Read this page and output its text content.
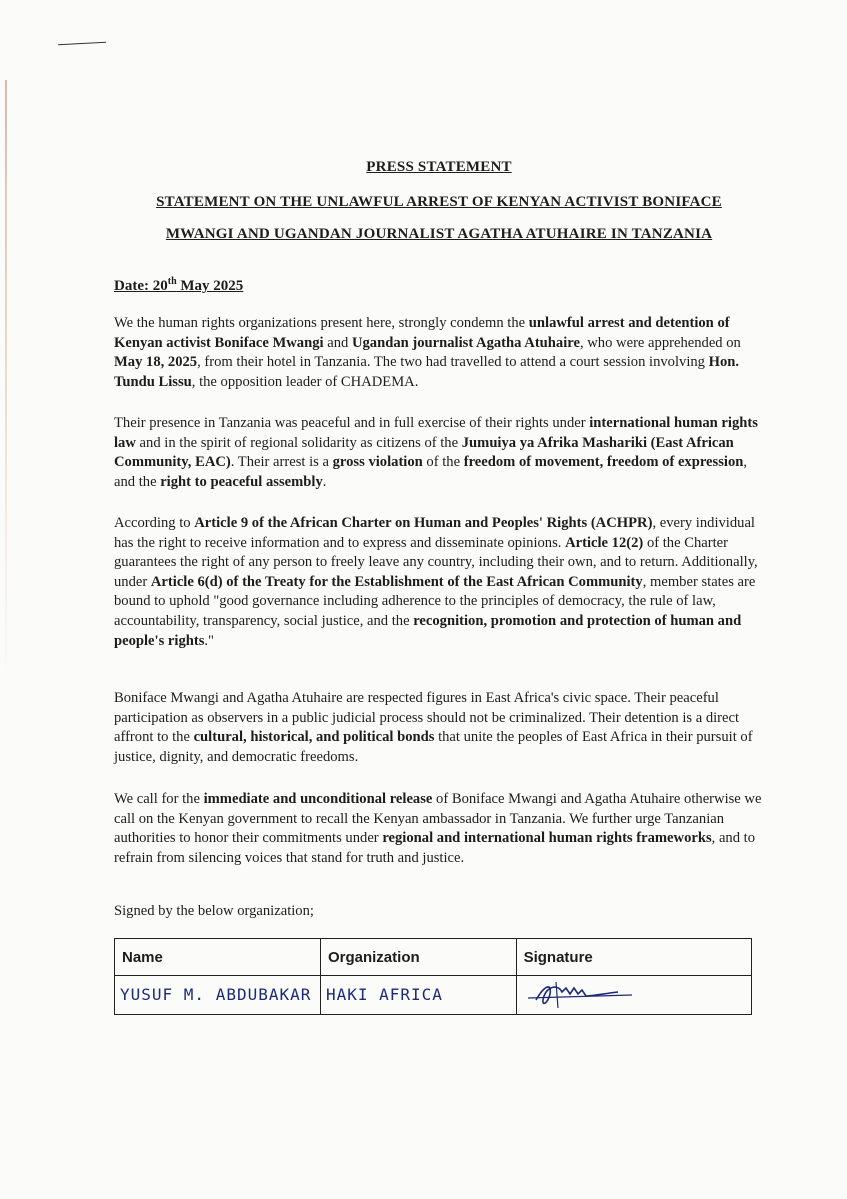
PRESS STATEMENT

STATEMENT ON THE UNLAWFUL ARREST OF KENYAN ACTIVIST BONIFACE

MWANGI AND UGANDAN JOURNALIST AGATHA ATUHAIRE IN TANZANIA

Date: 20th May 2025

We the human rights organizations present here, strongly condemn the unlawful arrest and detention of Kenyan activist Boniface Mwangi and Ugandan journalist Agatha Atuhaire, who were apprehended on May 18, 2025, from their hotel in Tanzania. The two had travelled to attend a court session involving Hon. Tundu Lissu, the opposition leader of CHADEMA.

Their presence in Tanzania was peaceful and in full exercise of their rights under international human rights law and in the spirit of regional solidarity as citizens of the Jumuiya ya Afrika Mashariki (East African Community, EAC). Their arrest is a gross violation of the freedom of movement, freedom of expression, and the right to peaceful assembly.

According to Article 9 of the African Charter on Human and Peoples' Rights (ACHPR), every individual has the right to receive information and to express and disseminate opinions. Article 12(2) of the Charter guarantees the right of any person to freely leave any country, including their own, and to return. Additionally, under Article 6(d) of the Treaty for the Establishment of the East African Community, member states are bound to uphold "good governance including adherence to the principles of democracy, the rule of law, accountability, transparency, social justice, and the recognition, promotion and protection of human and people's rights."

Boniface Mwangi and Agatha Atuhaire are respected figures in East Africa's civic space. Their peaceful participation as observers in a public judicial process should not be criminalized. Their detention is a direct affront to the cultural, historical, and political bonds that unite the peoples of East Africa in their pursuit of justice, dignity, and democratic freedoms.

We call for the immediate and unconditional release of Boniface Mwangi and Agatha Atuhaire otherwise we call on the Kenyan government to recall the Kenyan ambassador in Tanzania. We further urge Tanzanian authorities to honor their commitments under regional and international human rights frameworks, and to refrain from silencing voices that stand for truth and justice.

Signed by the below organization;

Name	Organization	Signature
YUSUF M. ABDUBAKAR	HAKI AFRICA	
